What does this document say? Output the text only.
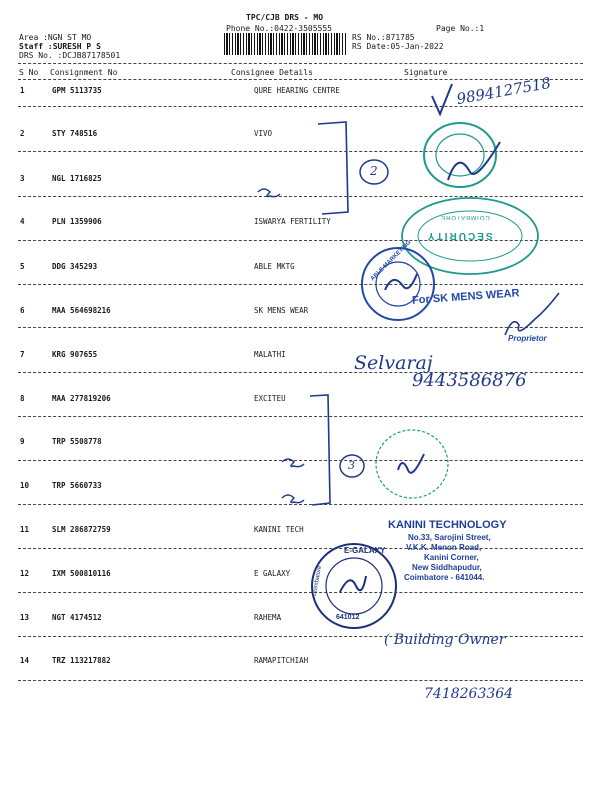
TPC/CJB DRS - MO
Phone No.:0422-3505555	Page No.:1
Area :NGN ST MO
Staff :SURESH P S
DRS No. :DCJB87178501
RS No.:871785
RS Date:05-Jan-2022
S No Consignment No	Consignee Details	Signature
1	GPM 5113735	QURE HEARING CENTRE
2	STY 748516	VIVO
3	NGL 1716825
4	PLN 1359906	ISWARYA FERTILITY
5	DDG 345293	ABLE MKTG
6	MAA 564698216	SK MENS WEAR
7	KRG 907655	MALATHI
8	MAA 277819206	EXCITEU
9	TRP 5508778
10	TRP 5660733
11	SLM 286872759	KANINI TECH
12	IXM 500810116	E GALAXY
13	NGT 4174512	RAHEMA
14	TRZ 113217882	RAMAPITCHIAH
9894127518
2
Selvaraj
9443586876
3
( Building Owner
7418263364
For SK MENS WEAR
Proprietor
SECURITY
COIMBATORE
ABLE MARKETING
KANINI TECHNOLOGY
No.33, Sarojini Street,
V.K.K. Menon Road,
Kanini Corner,
New Siddhapudur,
Coimbatore - 641044.
E-GALAXY
Coimbatore
641012
